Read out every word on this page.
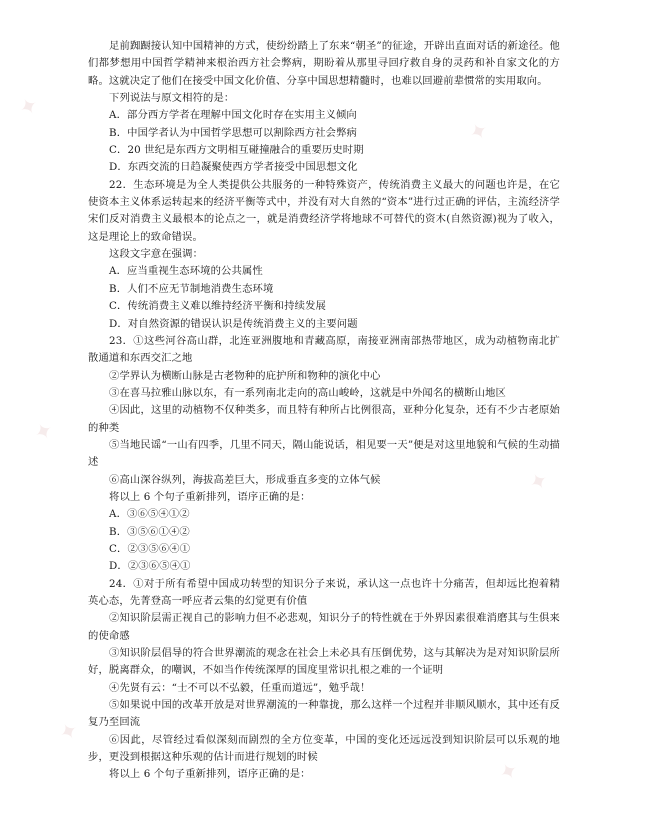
✦
✦
✦
✦
✦
✦

足前踟蹰接认知中国精神的方式，使纷纷踏上了东来“朝圣”的征途，开辟出直面对话的新途径。他们都梦想用中国哲学精神来根治西方社会弊病，期盼着从那里寻回疗救自身的灵药和补自家文化的方略。这就决定了他们在接受中国文化价值、分享中国思想精髓时，也难以回避前辈惯常的实用取向。

下列说法与原文相符的是：

A．部分西方学者在理解中国文化时存在实用主义倾向

B．中国学者认为中国哲学思想可以割除西方社会弊病

C．20 世纪是东西方文明相互碰撞融合的重要历史时期

D．东西交流的日趋凝聚使西方学者接受中国思想文化

22．生态环境是为全人类提供公共服务的一种特殊资产，传统消费主义最大的问题也许是，在它使资本主义体系运转起来的经济平衡等式中，并没有对大自然的“资本”进行过正确的评估，主流经济学宋们反对消费主义最根本的论点之一，就是消费经济学将地球不可替代的资木(自然资源)视为了收入，这是理论上的致命错误。

这段文字意在强调：

A．应当重视生态环境的公共属性

B．人们不应无节制地消费生态环境

C．传统消费主义难以维持经济平衡和持续发展

D．对自然资源的错误认识是传统消费主义的主要问题

23．①这些河谷高山群，北连亚洲腹地和青藏高原，南接亚洲南部热带地区，成为动植物南北扩散通道和东西交汇之地

②学界认为横断山脉是古老物种的庇护所和物种的演化中心

③在喜马拉雅山脉以东，有一系列南北走向的高山峻岭，这就是中外闻名的横断山地区

④因此，这里的动植物不仅种类多，而且特有种所占比例很高，亚种分化复杂，还有不少古老原始的种类

⑤当地民谣“一山有四季，几里不同天，隔山能说话，相见要一天”便是对这里地貌和气候的生动描述

⑥高山深谷纵列，海拔高差巨大，形成垂直多变的立体气候

将以上 6 个句子重新排列，语序正确的是：

A．③⑥⑤④①②

B．③⑤⑥①④②

C．②③⑤⑥④①

D．②③⑥⑤④①

24．①对于所有希望中国成功转型的知识分子来说，承认这一点也许十分痛苦，但却远比抱着精英心态，先菁登高一呼应者云集的幻觉更有价值

②知识阶层需正视自己的影响力但不必悲观，知识分子的特性就在于外界因素很难消磨其与生俱来的使命感

③知识阶层倡导的符合世界潮流的观念在社会上未必具有压倒优势，这与其解决为是对知识阶层所好，脱离群众，的嘲讽，不如当作传统深厚的国度里常识扎根之难的一个证明

④先贤有云：“士不可以不弘毅，任重而道远”，勉乎哉！

⑤如果说中国的改革开放是对世界潮流的一种靠拢，那么这样一个过程并非顺风顺水，其中还有反复乃至回流

⑥因此，尽管经过看似深刻而剧烈的全方位变革，中国的变化还远远没到知识阶层可以乐观的地步，更没到根据这种乐观的估计而进行规划的时候

将以上 6 个句子重新排列，语序正确的是：
